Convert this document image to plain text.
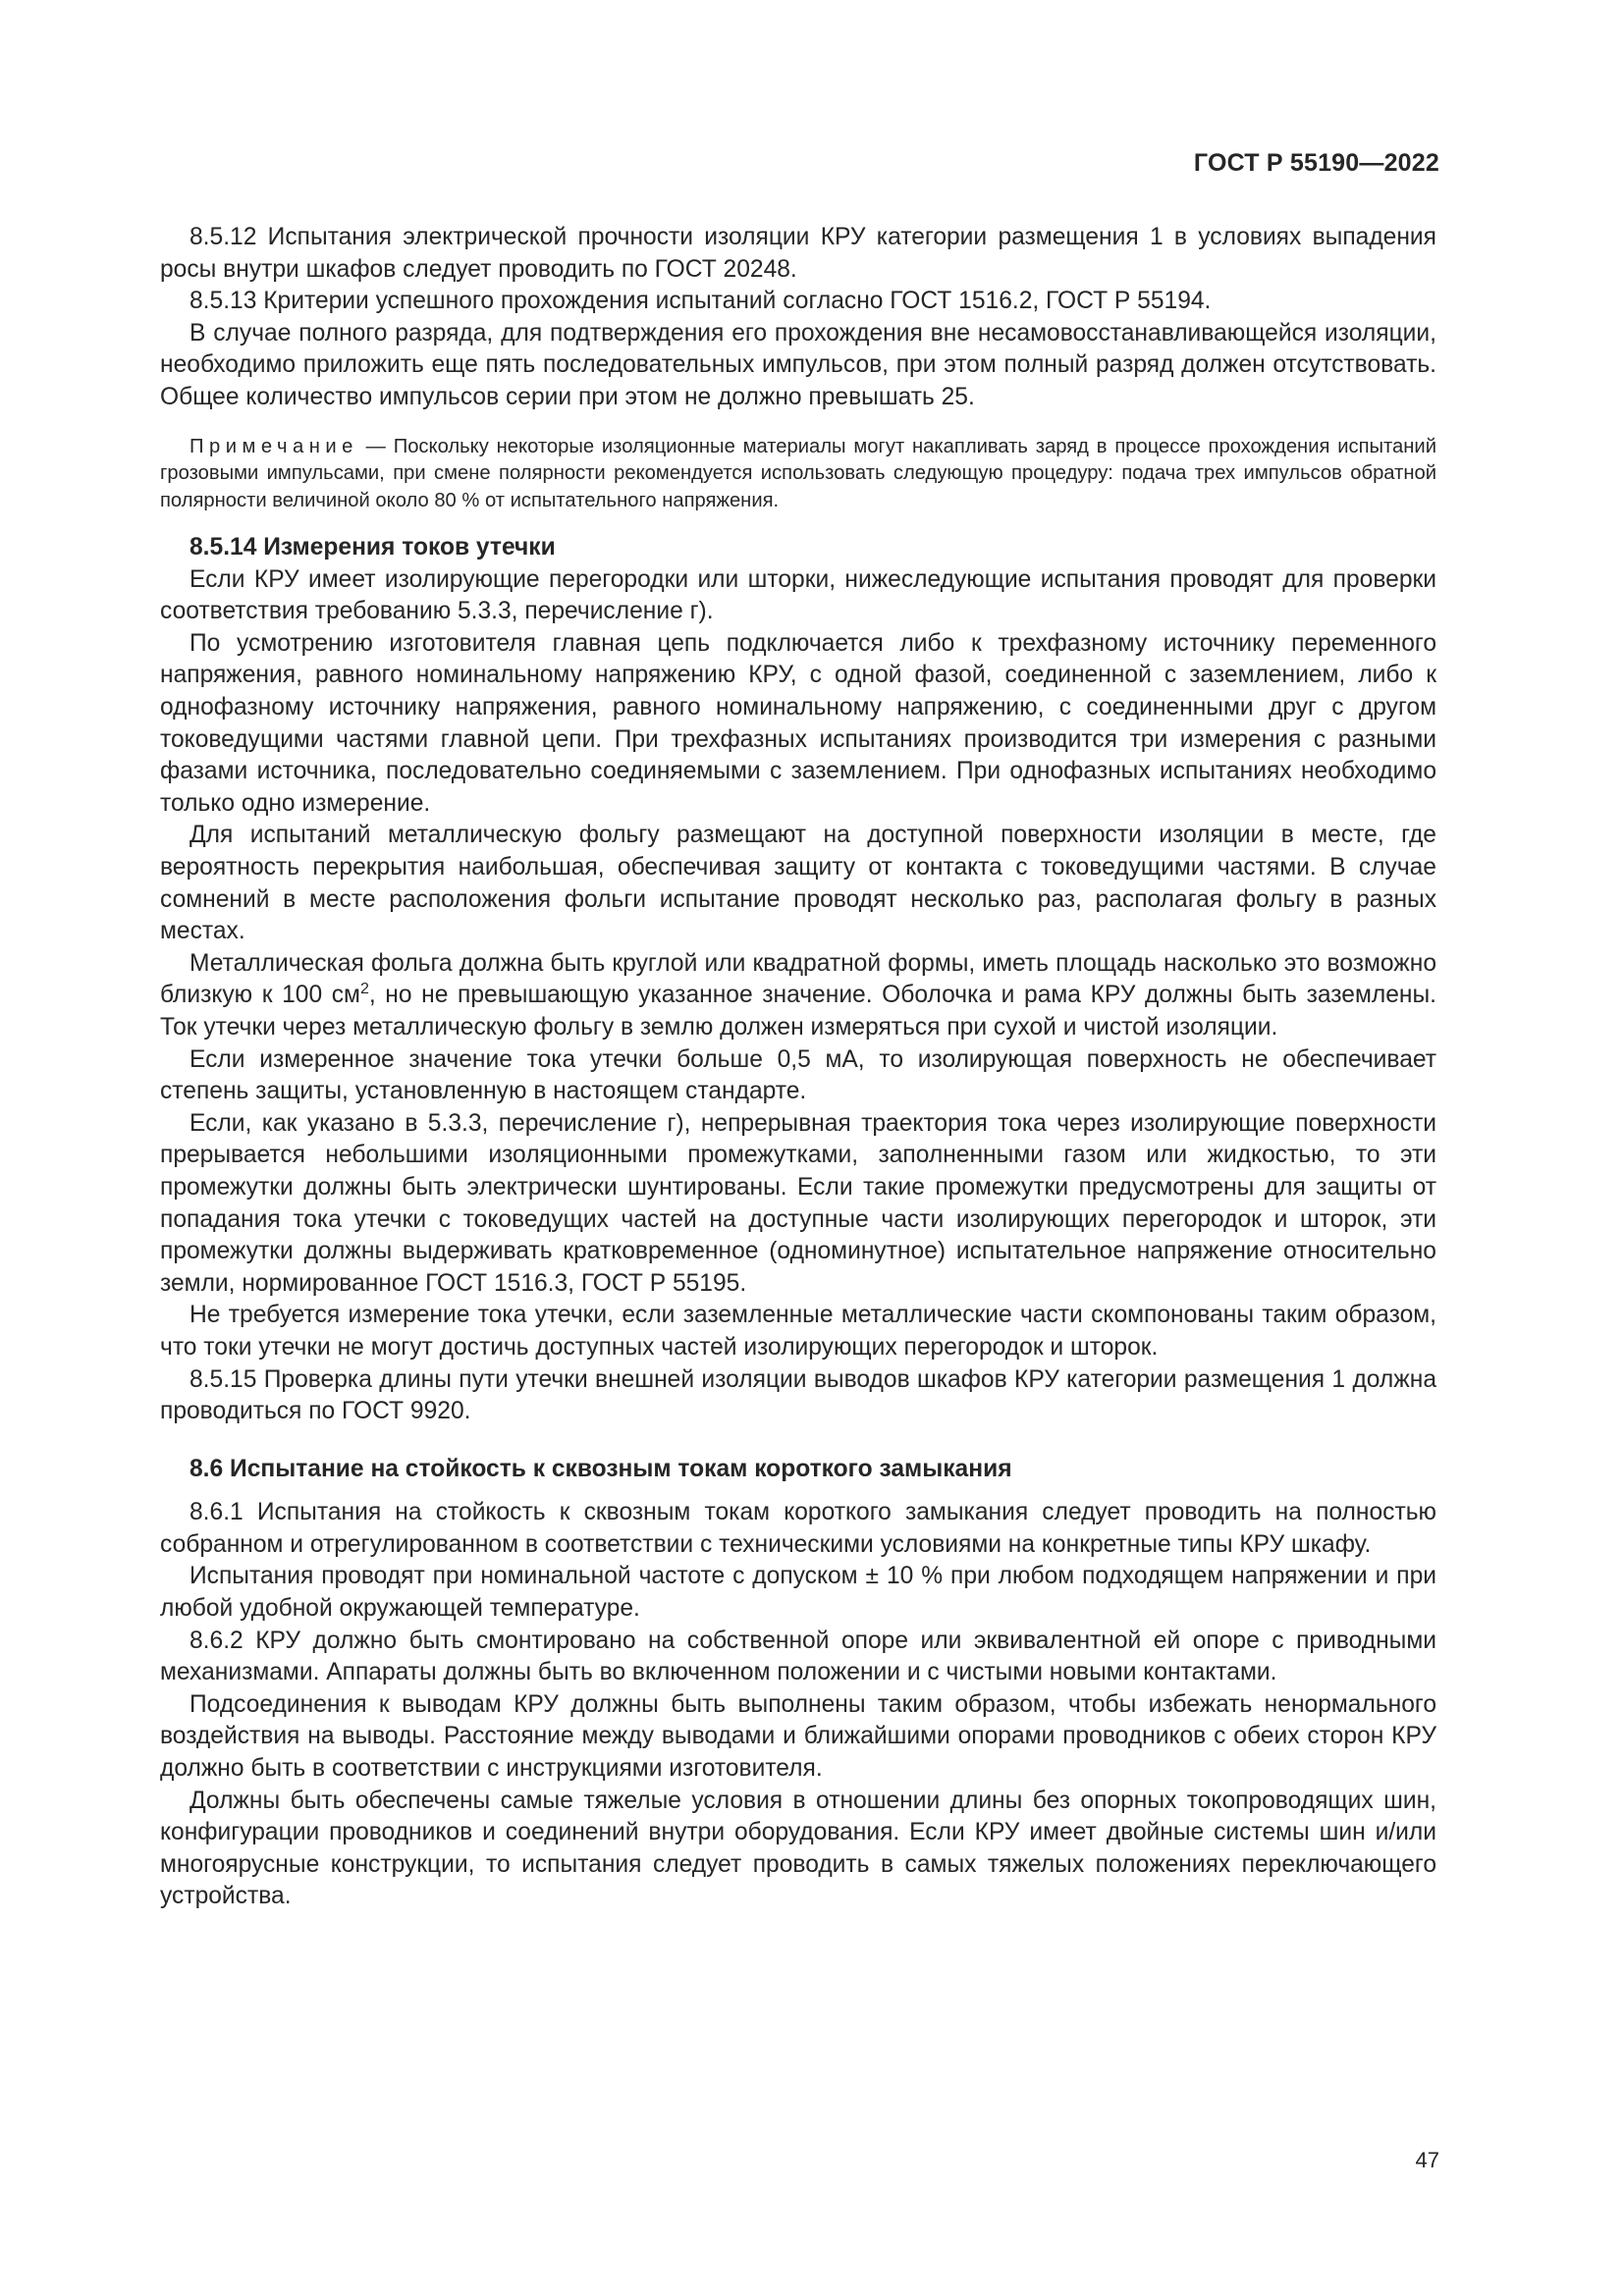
ГОСТ Р 55190—2022

8.5.12 Испытания электрической прочности изоляции КРУ категории размещения 1 в условиях выпадения росы внутри шкафов следует проводить по ГОСТ 20248.

8.5.13 Критерии успешного прохождения испытаний согласно ГОСТ 1516.2, ГОСТ Р 55194.

В случае полного разряда, для подтверждения его прохождения вне несамовосстанавливающейся изоляции, необходимо приложить еще пять последовательных импульсов, при этом полный разряд должен отсутствовать. Общее количество импульсов серии при этом не должно превышать 25.

Примечание — Поскольку некоторые изоляционные материалы могут накапливать заряд в процессе прохождения испытаний грозовыми импульсами, при смене полярности рекомендуется использовать следующую процедуру: подача трех импульсов обратной полярности величиной около 80 % от испытательного напряжения.

8.5.14 Измерения токов утечки

Если КРУ имеет изолирующие перегородки или шторки, нижеследующие испытания проводят для проверки соответствия требованию 5.3.3, перечисление г).

По усмотрению изготовителя главная цепь подключается либо к трехфазному источнику переменного напряжения, равного номинальному напряжению КРУ, с одной фазой, соединенной с заземлением, либо к однофазному источнику напряжения, равного номинальному напряжению, с соединенными друг с другом токоведущими частями главной цепи. При трехфазных испытаниях производится три измерения с разными фазами источника, последовательно соединяемыми с заземлением. При однофазных испытаниях необходимо только одно измерение.

Для испытаний металлическую фольгу размещают на доступной поверхности изоляции в месте, где вероятность перекрытия наибольшая, обеспечивая защиту от контакта с токоведущими частями. В случае сомнений в месте расположения фольги испытание проводят несколько раз, располагая фольгу в разных местах.

Металлическая фольга должна быть круглой или квадратной формы, иметь площадь насколько это возможно близкую к 100 $см^2$, но не превышающую указанное значение. Оболочка и рама КРУ должны быть заземлены. Ток утечки через металлическую фольгу в землю должен измеряться при сухой и чистой изоляции.

Если измеренное значение тока утечки больше 0,5 мА, то изолирующая поверхность не обеспечивает степень защиты, установленную в настоящем стандарте.

Если, как указано в 5.3.3, перечисление г), непрерывная траектория тока через изолирующие поверхности прерывается небольшими изоляционными промежутками, заполненными газом или жидкостью, то эти промежутки должны быть электрически шунтированы. Если такие промежутки предусмотрены для защиты от попадания тока утечки с токоведущих частей на доступные части изолирующих перегородок и шторок, эти промежутки должны выдерживать кратковременное (одноминутное) испытательное напряжение относительно земли, нормированное ГОСТ 1516.3, ГОСТ Р 55195.

Не требуется измерение тока утечки, если заземленные металлические части скомпонованы таким образом, что токи утечки не могут достичь доступных частей изолирующих перегородок и шторок.

8.5.15 Проверка длины пути утечки внешней изоляции выводов шкафов КРУ категории размещения 1 должна проводиться по ГОСТ 9920.

8.6 Испытание на стойкость к сквозным токам короткого замыкания

8.6.1 Испытания на стойкость к сквозным токам короткого замыкания следует проводить на полностью собранном и отрегулированном в соответствии с техническими условиями на конкретные типы КРУ шкафу.

Испытания проводят при номинальной частоте с допуском ± 10 % при любом подходящем напряжении и при любой удобной окружающей температуре.

8.6.2 КРУ должно быть смонтировано на собственной опоре или эквивалентной ей опоре с приводными механизмами. Аппараты должны быть во включенном положении и с чистыми новыми контактами.

Подсоединения к выводам КРУ должны быть выполнены таким образом, чтобы избежать ненормального воздействия на выводы. Расстояние между выводами и ближайшими опорами проводников с обеих сторон КРУ должно быть в соответствии с инструкциями изготовителя.

Должны быть обеспечены самые тяжелые условия в отношении длины без опорных токопроводящих шин, конфигурации проводников и соединений внутри оборудования. Если КРУ имеет двойные системы шин и/или многоярусные конструкции, то испытания следует проводить в самых тяжелых положениях переключающего устройства.

47
